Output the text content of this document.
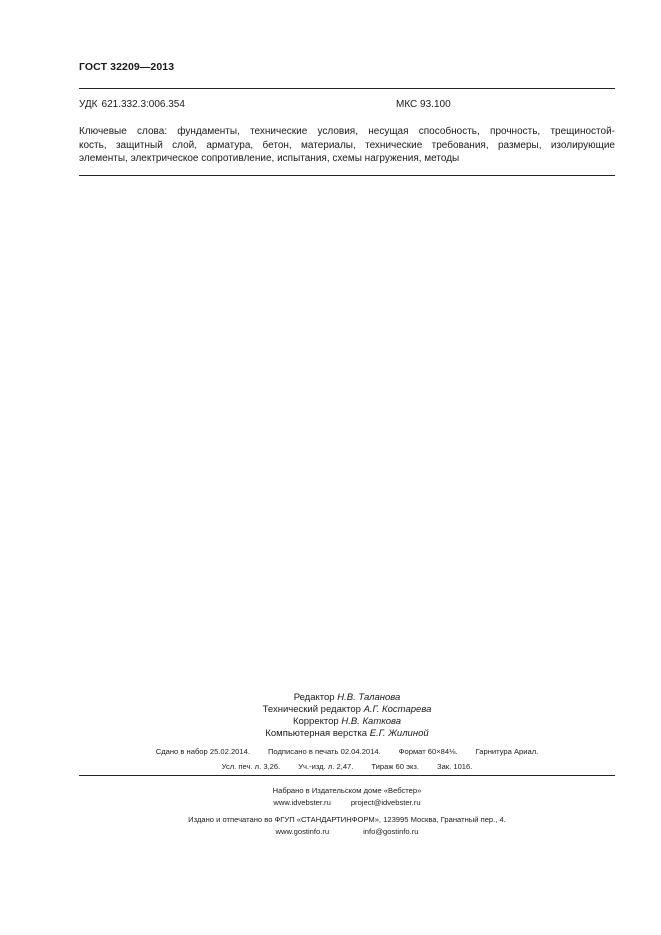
ГОСТ 32209—2013
УДК 621.332.3:006.354	МКС 93.100
Ключевые слова: фундаменты, технические условия, несущая способность, прочность, трещиностой-
кость, защитный слой, арматура, бетон, материалы, технические требования, размеры, изолирующие
элементы, электрическое сопротивление, испытания, схемы нагружения, методы
Редактор Н.В. Таланова
Технический редактор А.Г. Костарева
Корректор Н.В. Каткова
Компьютерная верстка Е.Г. Жилиной
Сдано в набор 25.02.2014. Подписано в печать 02.04.2014. Формат 60×84⅛. Гарнитура Ариал.
Усл. печ. л. 3,26. Уч.-изд. л. 2,47. Тираж 60 экз. Зак. 1016.
Набрано в Издательском доме «Вебстер»
www.idvebster.ru	project@idvebster.ru
Издано и отпечатано во ФГУП «СТАНДАРТИНФОРМ», 123995 Москва, Гранатный пер., 4.
www.gostinfo.ru	info@gostinfo.ru
